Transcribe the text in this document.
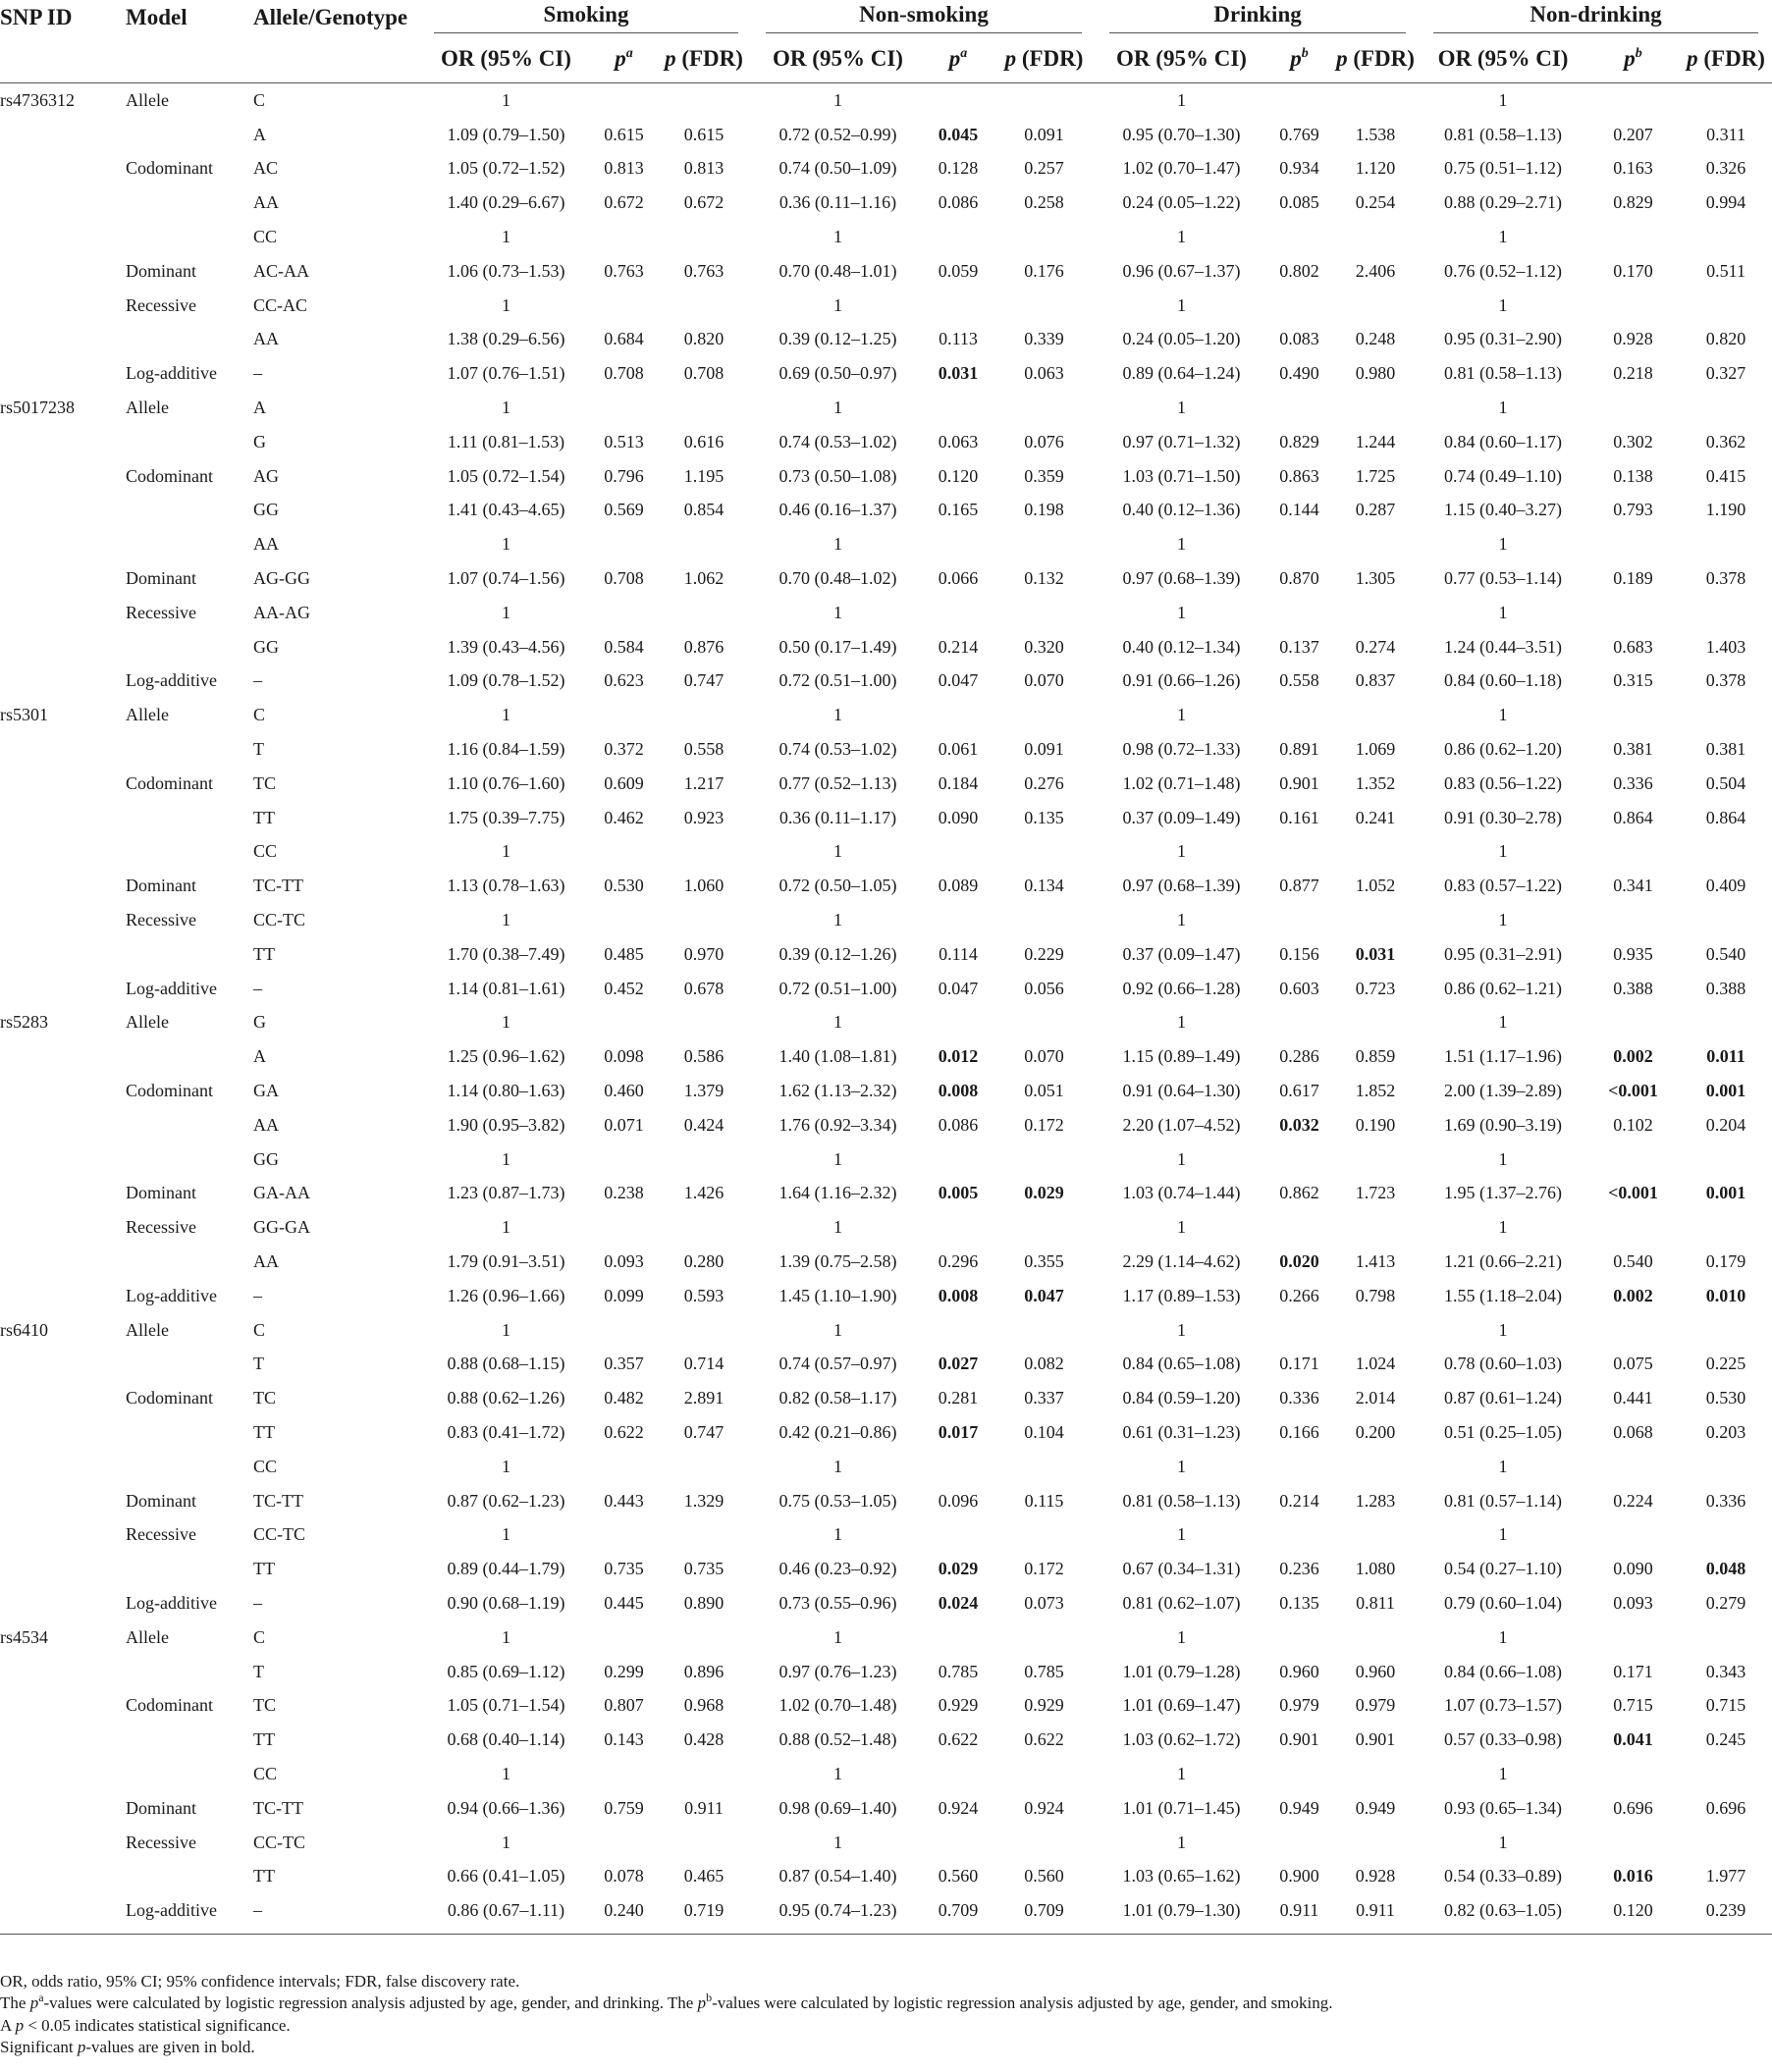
SNP ID	Model	Allele/Genotype	Smoking			Non-smoking			Drinking			Non-drinking		

			OR (95% CI)	$p^a$	p (FDR)	OR (95% CI)	$p^a$	p (FDR)	OR (95% CI)	$p^b$	p (FDR)	OR (95% CI)	$p^b$	p (FDR)
rs4736312	Allele	C	1			1			1			1		
		A	1.09 (0.79–1.50)	0.615	0.615	0.72 (0.52–0.99)	0.045	0.091	0.95 (0.70–1.30)	0.769	1.538	0.81 (0.58–1.13)	0.207	0.311
	Codominant	AC	1.05 (0.72–1.52)	0.813	0.813	0.74 (0.50–1.09)	0.128	0.257	1.02 (0.70–1.47)	0.934	1.120	0.75 (0.51–1.12)	0.163	0.326
		AA	1.40 (0.29–6.67)	0.672	0.672	0.36 (0.11–1.16)	0.086	0.258	0.24 (0.05–1.22)	0.085	0.254	0.88 (0.29–2.71)	0.829	0.994
		CC	1			1			1			1		
	Dominant	AC-AA	1.06 (0.73–1.53)	0.763	0.763	0.70 (0.48–1.01)	0.059	0.176	0.96 (0.67–1.37)	0.802	2.406	0.76 (0.52–1.12)	0.170	0.511
	Recessive	CC-AC	1			1			1			1		
		AA	1.38 (0.29–6.56)	0.684	0.820	0.39 (0.12–1.25)	0.113	0.339	0.24 (0.05–1.20)	0.083	0.248	0.95 (0.31–2.90)	0.928	0.820
	Log-additive	–	1.07 (0.76–1.51)	0.708	0.708	0.69 (0.50–0.97)	0.031	0.063	0.89 (0.64–1.24)	0.490	0.980	0.81 (0.58–1.13)	0.218	0.327
rs5017238	Allele	A	1			1			1			1		
		G	1.11 (0.81–1.53)	0.513	0.616	0.74 (0.53–1.02)	0.063	0.076	0.97 (0.71–1.32)	0.829	1.244	0.84 (0.60–1.17)	0.302	0.362
	Codominant	AG	1.05 (0.72–1.54)	0.796	1.195	0.73 (0.50–1.08)	0.120	0.359	1.03 (0.71–1.50)	0.863	1.725	0.74 (0.49–1.10)	0.138	0.415
		GG	1.41 (0.43–4.65)	0.569	0.854	0.46 (0.16–1.37)	0.165	0.198	0.40 (0.12–1.36)	0.144	0.287	1.15 (0.40–3.27)	0.793	1.190
		AA	1			1			1			1		
	Dominant	AG-GG	1.07 (0.74–1.56)	0.708	1.062	0.70 (0.48–1.02)	0.066	0.132	0.97 (0.68–1.39)	0.870	1.305	0.77 (0.53–1.14)	0.189	0.378
	Recessive	AA-AG	1			1			1			1		
		GG	1.39 (0.43–4.56)	0.584	0.876	0.50 (0.17–1.49)	0.214	0.320	0.40 (0.12–1.34)	0.137	0.274	1.24 (0.44–3.51)	0.683	1.403
	Log-additive	–	1.09 (0.78–1.52)	0.623	0.747	0.72 (0.51–1.00)	0.047	0.070	0.91 (0.66–1.26)	0.558	0.837	0.84 (0.60–1.18)	0.315	0.378
rs5301	Allele	C	1			1			1			1		
		T	1.16 (0.84–1.59)	0.372	0.558	0.74 (0.53–1.02)	0.061	0.091	0.98 (0.72–1.33)	0.891	1.069	0.86 (0.62–1.20)	0.381	0.381
	Codominant	TC	1.10 (0.76–1.60)	0.609	1.217	0.77 (0.52–1.13)	0.184	0.276	1.02 (0.71–1.48)	0.901	1.352	0.83 (0.56–1.22)	0.336	0.504
		TT	1.75 (0.39–7.75)	0.462	0.923	0.36 (0.11–1.17)	0.090	0.135	0.37 (0.09–1.49)	0.161	0.241	0.91 (0.30–2.78)	0.864	0.864
		CC	1			1			1			1		
	Dominant	TC-TT	1.13 (0.78–1.63)	0.530	1.060	0.72 (0.50–1.05)	0.089	0.134	0.97 (0.68–1.39)	0.877	1.052	0.83 (0.57–1.22)	0.341	0.409
	Recessive	CC-TC	1			1			1			1		
		TT	1.70 (0.38–7.49)	0.485	0.970	0.39 (0.12–1.26)	0.114	0.229	0.37 (0.09–1.47)	0.156	0.031	0.95 (0.31–2.91)	0.935	0.540
	Log-additive	–	1.14 (0.81–1.61)	0.452	0.678	0.72 (0.51–1.00)	0.047	0.056	0.92 (0.66–1.28)	0.603	0.723	0.86 (0.62–1.21)	0.388	0.388
rs5283	Allele	G	1			1			1			1		
		A	1.25 (0.96–1.62)	0.098	0.586	1.40 (1.08–1.81)	0.012	0.070	1.15 (0.89–1.49)	0.286	0.859	1.51 (1.17–1.96)	0.002	0.011
	Codominant	GA	1.14 (0.80–1.63)	0.460	1.379	1.62 (1.13–2.32)	0.008	0.051	0.91 (0.64–1.30)	0.617	1.852	2.00 (1.39–2.89)	<0.001	0.001
		AA	1.90 (0.95–3.82)	0.071	0.424	1.76 (0.92–3.34)	0.086	0.172	2.20 (1.07–4.52)	0.032	0.190	1.69 (0.90–3.19)	0.102	0.204
		GG	1			1			1			1		
	Dominant	GA-AA	1.23 (0.87–1.73)	0.238	1.426	1.64 (1.16–2.32)	0.005	0.029	1.03 (0.74–1.44)	0.862	1.723	1.95 (1.37–2.76)	<0.001	0.001
	Recessive	GG-GA	1			1			1			1		
		AA	1.79 (0.91–3.51)	0.093	0.280	1.39 (0.75–2.58)	0.296	0.355	2.29 (1.14–4.62)	0.020	1.413	1.21 (0.66–2.21)	0.540	0.179
	Log-additive	–	1.26 (0.96–1.66)	0.099	0.593	1.45 (1.10–1.90)	0.008	0.047	1.17 (0.89–1.53)	0.266	0.798	1.55 (1.18–2.04)	0.002	0.010
rs6410	Allele	C	1			1			1			1		
		T	0.88 (0.68–1.15)	0.357	0.714	0.74 (0.57–0.97)	0.027	0.082	0.84 (0.65–1.08)	0.171	1.024	0.78 (0.60–1.03)	0.075	0.225
	Codominant	TC	0.88 (0.62–1.26)	0.482	2.891	0.82 (0.58–1.17)	0.281	0.337	0.84 (0.59–1.20)	0.336	2.014	0.87 (0.61–1.24)	0.441	0.530
		TT	0.83 (0.41–1.72)	0.622	0.747	0.42 (0.21–0.86)	0.017	0.104	0.61 (0.31–1.23)	0.166	0.200	0.51 (0.25–1.05)	0.068	0.203
		CC	1			1			1			1		
	Dominant	TC-TT	0.87 (0.62–1.23)	0.443	1.329	0.75 (0.53–1.05)	0.096	0.115	0.81 (0.58–1.13)	0.214	1.283	0.81 (0.57–1.14)	0.224	0.336
	Recessive	CC-TC	1			1			1			1		
		TT	0.89 (0.44–1.79)	0.735	0.735	0.46 (0.23–0.92)	0.029	0.172	0.67 (0.34–1.31)	0.236	1.080	0.54 (0.27–1.10)	0.090	0.048
	Log-additive	–	0.90 (0.68–1.19)	0.445	0.890	0.73 (0.55–0.96)	0.024	0.073	0.81 (0.62–1.07)	0.135	0.811	0.79 (0.60–1.04)	0.093	0.279
rs4534	Allele	C	1			1			1			1		
		T	0.85 (0.69–1.12)	0.299	0.896	0.97 (0.76–1.23)	0.785	0.785	1.01 (0.79–1.28)	0.960	0.960	0.84 (0.66–1.08)	0.171	0.343
	Codominant	TC	1.05 (0.71–1.54)	0.807	0.968	1.02 (0.70–1.48)	0.929	0.929	1.01 (0.69–1.47)	0.979	0.979	1.07 (0.73–1.57)	0.715	0.715
		TT	0.68 (0.40–1.14)	0.143	0.428	0.88 (0.52–1.48)	0.622	0.622	1.03 (0.62–1.72)	0.901	0.901	0.57 (0.33–0.98)	0.041	0.245
		CC	1			1			1			1		
	Dominant	TC-TT	0.94 (0.66–1.36)	0.759	0.911	0.98 (0.69–1.40)	0.924	0.924	1.01 (0.71–1.45)	0.949	0.949	0.93 (0.65–1.34)	0.696	0.696
	Recessive	CC-TC	1			1			1			1		
		TT	0.66 (0.41–1.05)	0.078	0.465	0.87 (0.54–1.40)	0.560	0.560	1.03 (0.65–1.62)	0.900	0.928	0.54 (0.33–0.89)	0.016	1.977
	Log-additive	–	0.86 (0.67–1.11)	0.240	0.719	0.95 (0.74–1.23)	0.709	0.709	1.01 (0.79–1.30)	0.911	0.911	0.82 (0.63–1.05)	0.120	0.239
OR, odds ratio, 95% CI; 95% confidence intervals; FDR, false discovery rate.
The $p^a$-values were calculated by logistic regression analysis adjusted by age, gender, and drinking. The $p^b$-values were calculated by logistic regression analysis adjusted by age, gender, and smoking.
A p < 0.05 indicates statistical significance.
Significant p-values are given in bold.
